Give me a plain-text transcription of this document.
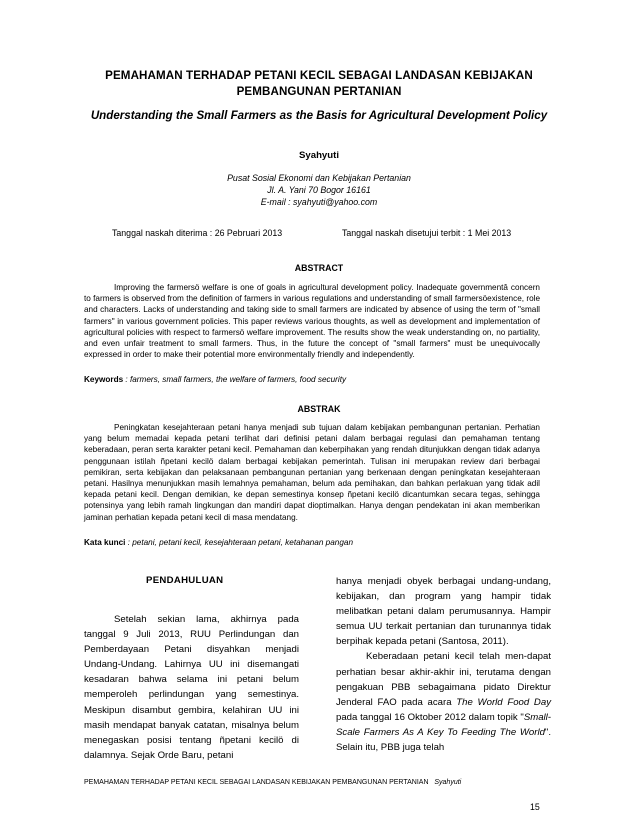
PEMAHAMAN TERHADAP PETANI KECIL SEBAGAI LANDASAN KEBIJAKAN PEMBANGUNAN PERTANIAN
Understanding the Small Farmers as the Basis for Agricultural Development Policy
Syahyuti
Pusat Sosial Ekonomi dan Kebijakan Pertanian
Jl. A. Yani 70 Bogor 16161
E-mail : syahyuti@yahoo.com
Tanggal naskah diterima : 26 Pebruari 2013	Tanggal naskah disetujui terbit : 1 Mei 2013
ABSTRACT

Improving the farmersö welfare is one of goals in agricultural development policy. Inadequate governmentâ concern to farmers is observed from the definition of farmers in various regulations and understanding of small farmersöexistence, role and characters. Lacks of understanding and taking side to small farmers are indicated by absence of using the term of "small farmers" in various government policies. This paper reviews various thoughts, as well as development and implementation of agricultural policies with respect to farmersö welfare improvement. The results show the weak understanding on, no partiality, and even unfair treatment to small farmers. Thus, in the future the concept of "small farmers" must be unequivocally expressed in order to make their potential more environmentally friendly and independently.

Keywords : farmers, small farmers, the welfare of farmers, food security
ABSTRAK

Peningkatan kesejahteraan petani hanya menjadi sub tujuan dalam kebijakan pembangunan pertanian. Perhatian yang belum memadai kepada petani terlihat dari definisi petani dalam berbagai regulasi dan pemahaman tentang keberadaan, peran serta karakter petani kecil. Pemahaman dan keberpihakan yang rendah ditunjukkan dengan tidak adanya penggunaan istilah ñpetani kecilö dalam berbagai kebijakan pemerintah. Tulisan ini merupakan review dari berbagai pemikiran, serta kebijakan dan pelaksanaan pembangunan pertanian yang berkenaan dengan peningkatan kesejahteraan petani. Hasilnya menunjukkan masih lemahnya pemahaman, belum ada pemihakan, dan bahkan perlakuan yang tidak adil kepada petani kecil. Dengan demikian, ke depan semestinya konsep ñpetani kecilö dicantumkan secara tegas, sehingga potensinya yang lebih ramah lingkungan dan mandiri dapat dioptimalkan. Hanya dengan pendekatan ini akan memberikan jaminan perhatian kepada petani kecil di masa mendatang.

Kata kunci : petani, petani kecil, kesejahteraan petani, ketahanan pangan
PENDAHULUAN

Setelah sekian lama, akhirnya pada tanggal 9 Juli 2013, RUU Perlindungan dan Pemberdayaan Petani disyahkan menjadi Undang-Undang. Lahirnya UU ini disemangati kesadaran bahwa selama ini petani belum memperoleh perlindungan yang semestinya. Meskipun disambut gembira, kelahiran UU ini masih mendapat banyak catatan, misalnya belum menegaskan posisi tentang ñpetani kecilö di dalamnya. Sejak Orde Baru, petani

hanya menjadi obyek berbagai undang-undang, kebijakan, dan program yang hampir tidak melibatkan petani dalam perumusannya. Hampir semua UU terkait pertanian dan turunannya tidak berpihak kepada petani (Santosa, 2011).

Keberadaan petani kecil telah men-dapat perhatian besar akhir-akhir ini, terutama dengan pengakuan PBB sebagaimana pidato Direktur Jenderal FAO pada acara The World Food Day pada tanggal 16 Oktober 2012 dalam topik "Small-Scale Farmers As A Key To Feeding The World". Selain itu, PBB juga telah

PEMAHAMAN TERHADAP PETANI KECIL SEBAGAI LANDASAN KEBIJAKAN PEMBANGUNAN PERTANIAN Syahyuti
15
